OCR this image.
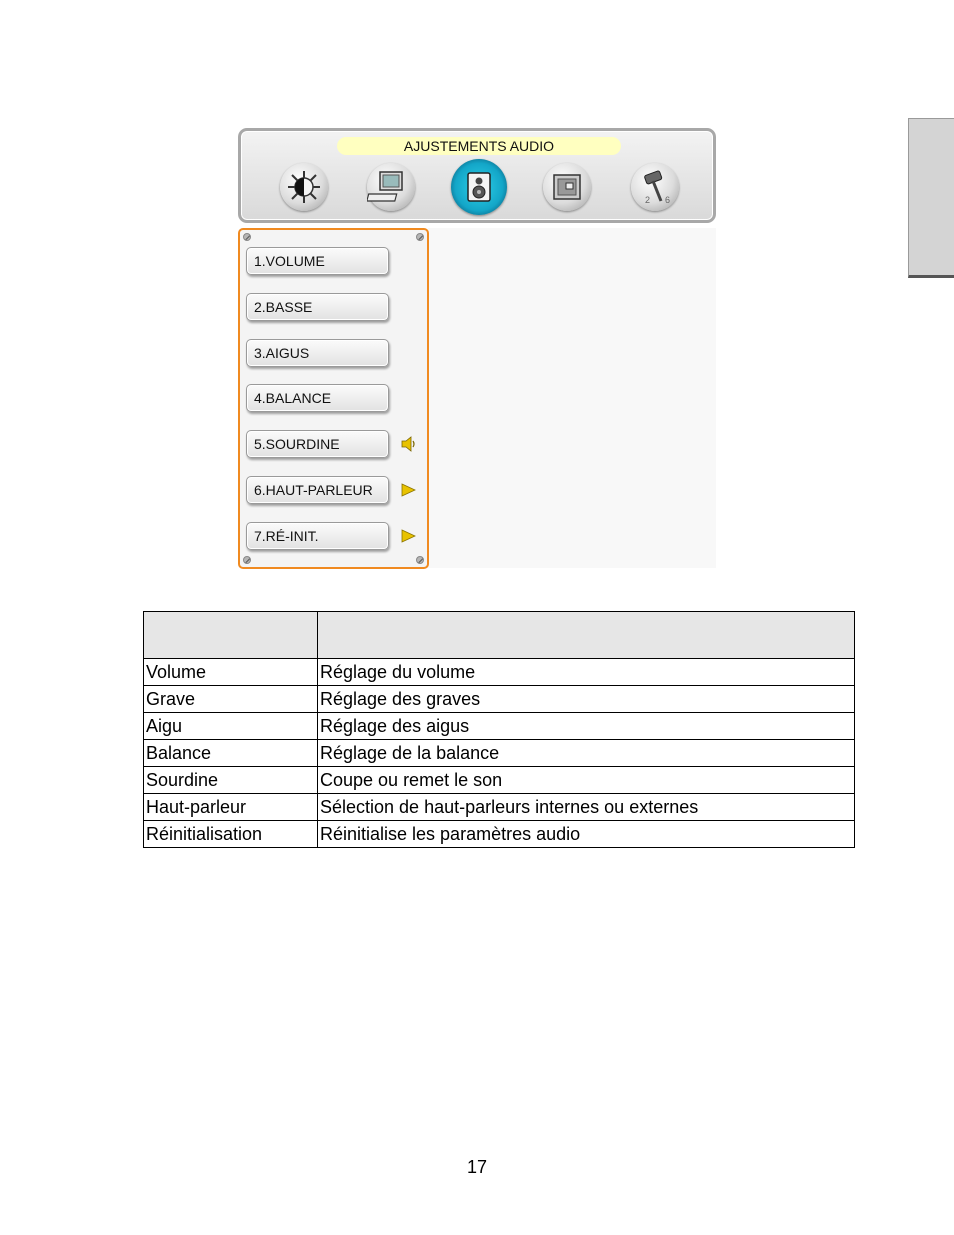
AJUSTEMENTS AUDIO
2 6
1.VOLUME
2.BASSE
3.AIGUS
4.BALANCE
5.SOURDINE
6.HAUT-PARLEUR
7.RÉ-INIT.

Volume	Réglage du volume
Grave	Réglage des graves
Aigu	Réglage des aigus
Balance	Réglage de la balance
Sourdine	Coupe ou remet le son
Haut-parleur	Sélection de haut-parleurs internes ou externes
Réinitialisation	Réinitialise les paramètres audio
17
